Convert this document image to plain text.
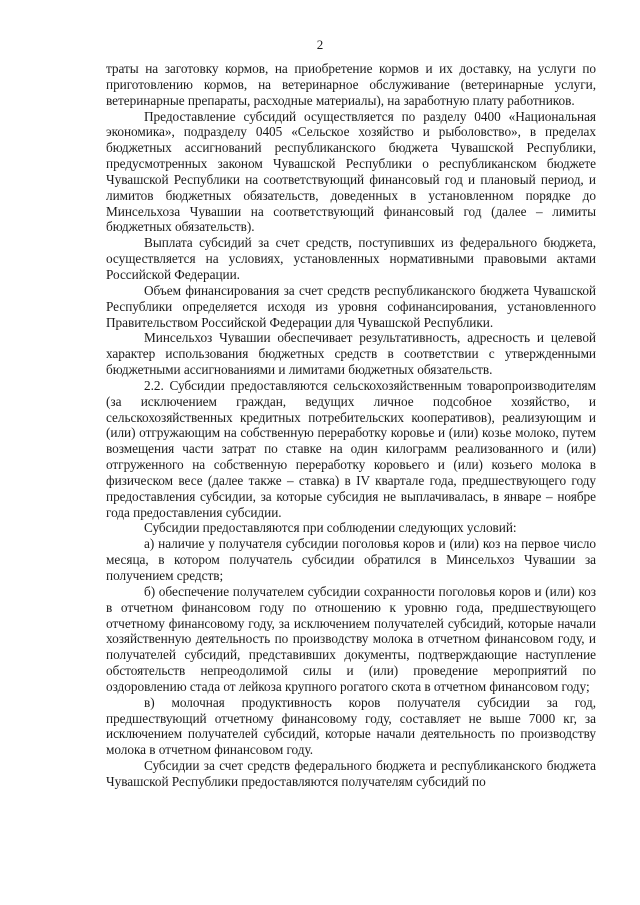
2

траты на заготовку кормов, на приобретение кормов и их доставку, на услуги по приготовлению кормов, на ветеринарное обслуживание (ветеринарные услуги, ветеринарные препараты, расходные материалы), на заработную плату работников.

Предоставление субсидий осуществляется по разделу 0400 «Национальная экономика», подразделу 0405 «Сельское хозяйство и рыболовство», в пределах бюджетных ассигнований республиканского бюджета Чувашской Республики, предусмотренных законом Чувашской Республики о республиканском бюджете Чувашской Республики на соответствующий финансовый год и плановый период, и лимитов бюджетных обязательств, доведенных в установленном порядке до Минсельхоза Чувашии на соответствующий финансовый год (далее – лимиты бюджетных обязательств).

Выплата субсидий за счет средств, поступивших из федерального бюджета, осуществляется на условиях, установленных нормативными правовыми актами Российской Федерации.

Объем финансирования за счет средств республиканского бюджета Чувашской Республики определяется исходя из уровня софинансирования, установленного Правительством Российской Федерации для Чувашской Республики.

Минсельхоз Чувашии обеспечивает результативность, адресность и целевой характер использования бюджетных средств в соответствии с утвержденными бюджетными ассигнованиями и лимитами бюджетных обязательств.

2.2. Субсидии предоставляются сельскохозяйственным товаропроизводителям (за исключением граждан, ведущих личное подсобное хозяйство, и сельскохозяйственных кредитных потребительских кооперативов), реализующим и (или) отгружающим на собственную переработку коровье и (или) козье молоко, путем возмещения части затрат по ставке на один килограмм реализованного и (или) отгруженного на собственную переработку коровьего и (или) козьего молока в физическом весе (далее также – ставка) в IV квартале года, предшествующего году предоставления субсидии, за которые субсидия не выплачивалась, в январе – ноябре года предоставления субсидии.

Субсидии предоставляются при соблюдении следующих условий:

а) наличие у получателя субсидии поголовья коров и (или) коз на первое число месяца, в котором получатель субсидии обратился в Минсельхоз Чувашии за получением средств;

б) обеспечение получателем субсидии сохранности поголовья коров и (или) коз в отчетном финансовом году по отношению к уровню года, предшествующего отчетному финансовому году, за исключением получателей субсидий, которые начали хозяйственную деятельность по производству молока в отчетном финансовом году, и получателей субсидий, представивших документы, подтверждающие наступление обстоятельств непреодолимой силы и (или) проведение мероприятий по оздоровлению стада от лейкоза крупного рогатого скота в отчетном финансовом году;

в) молочная продуктивность коров получателя субсидии за год, предшествующий отчетному финансовому году, составляет не выше 7000 кг, за исключением получателей субсидий, которые начали деятельность по производству молока в отчетном финансовом году.

Субсидии за счет средств федерального бюджета и республиканского бюджета Чувашской Республики предоставляются получателям субсидий по
